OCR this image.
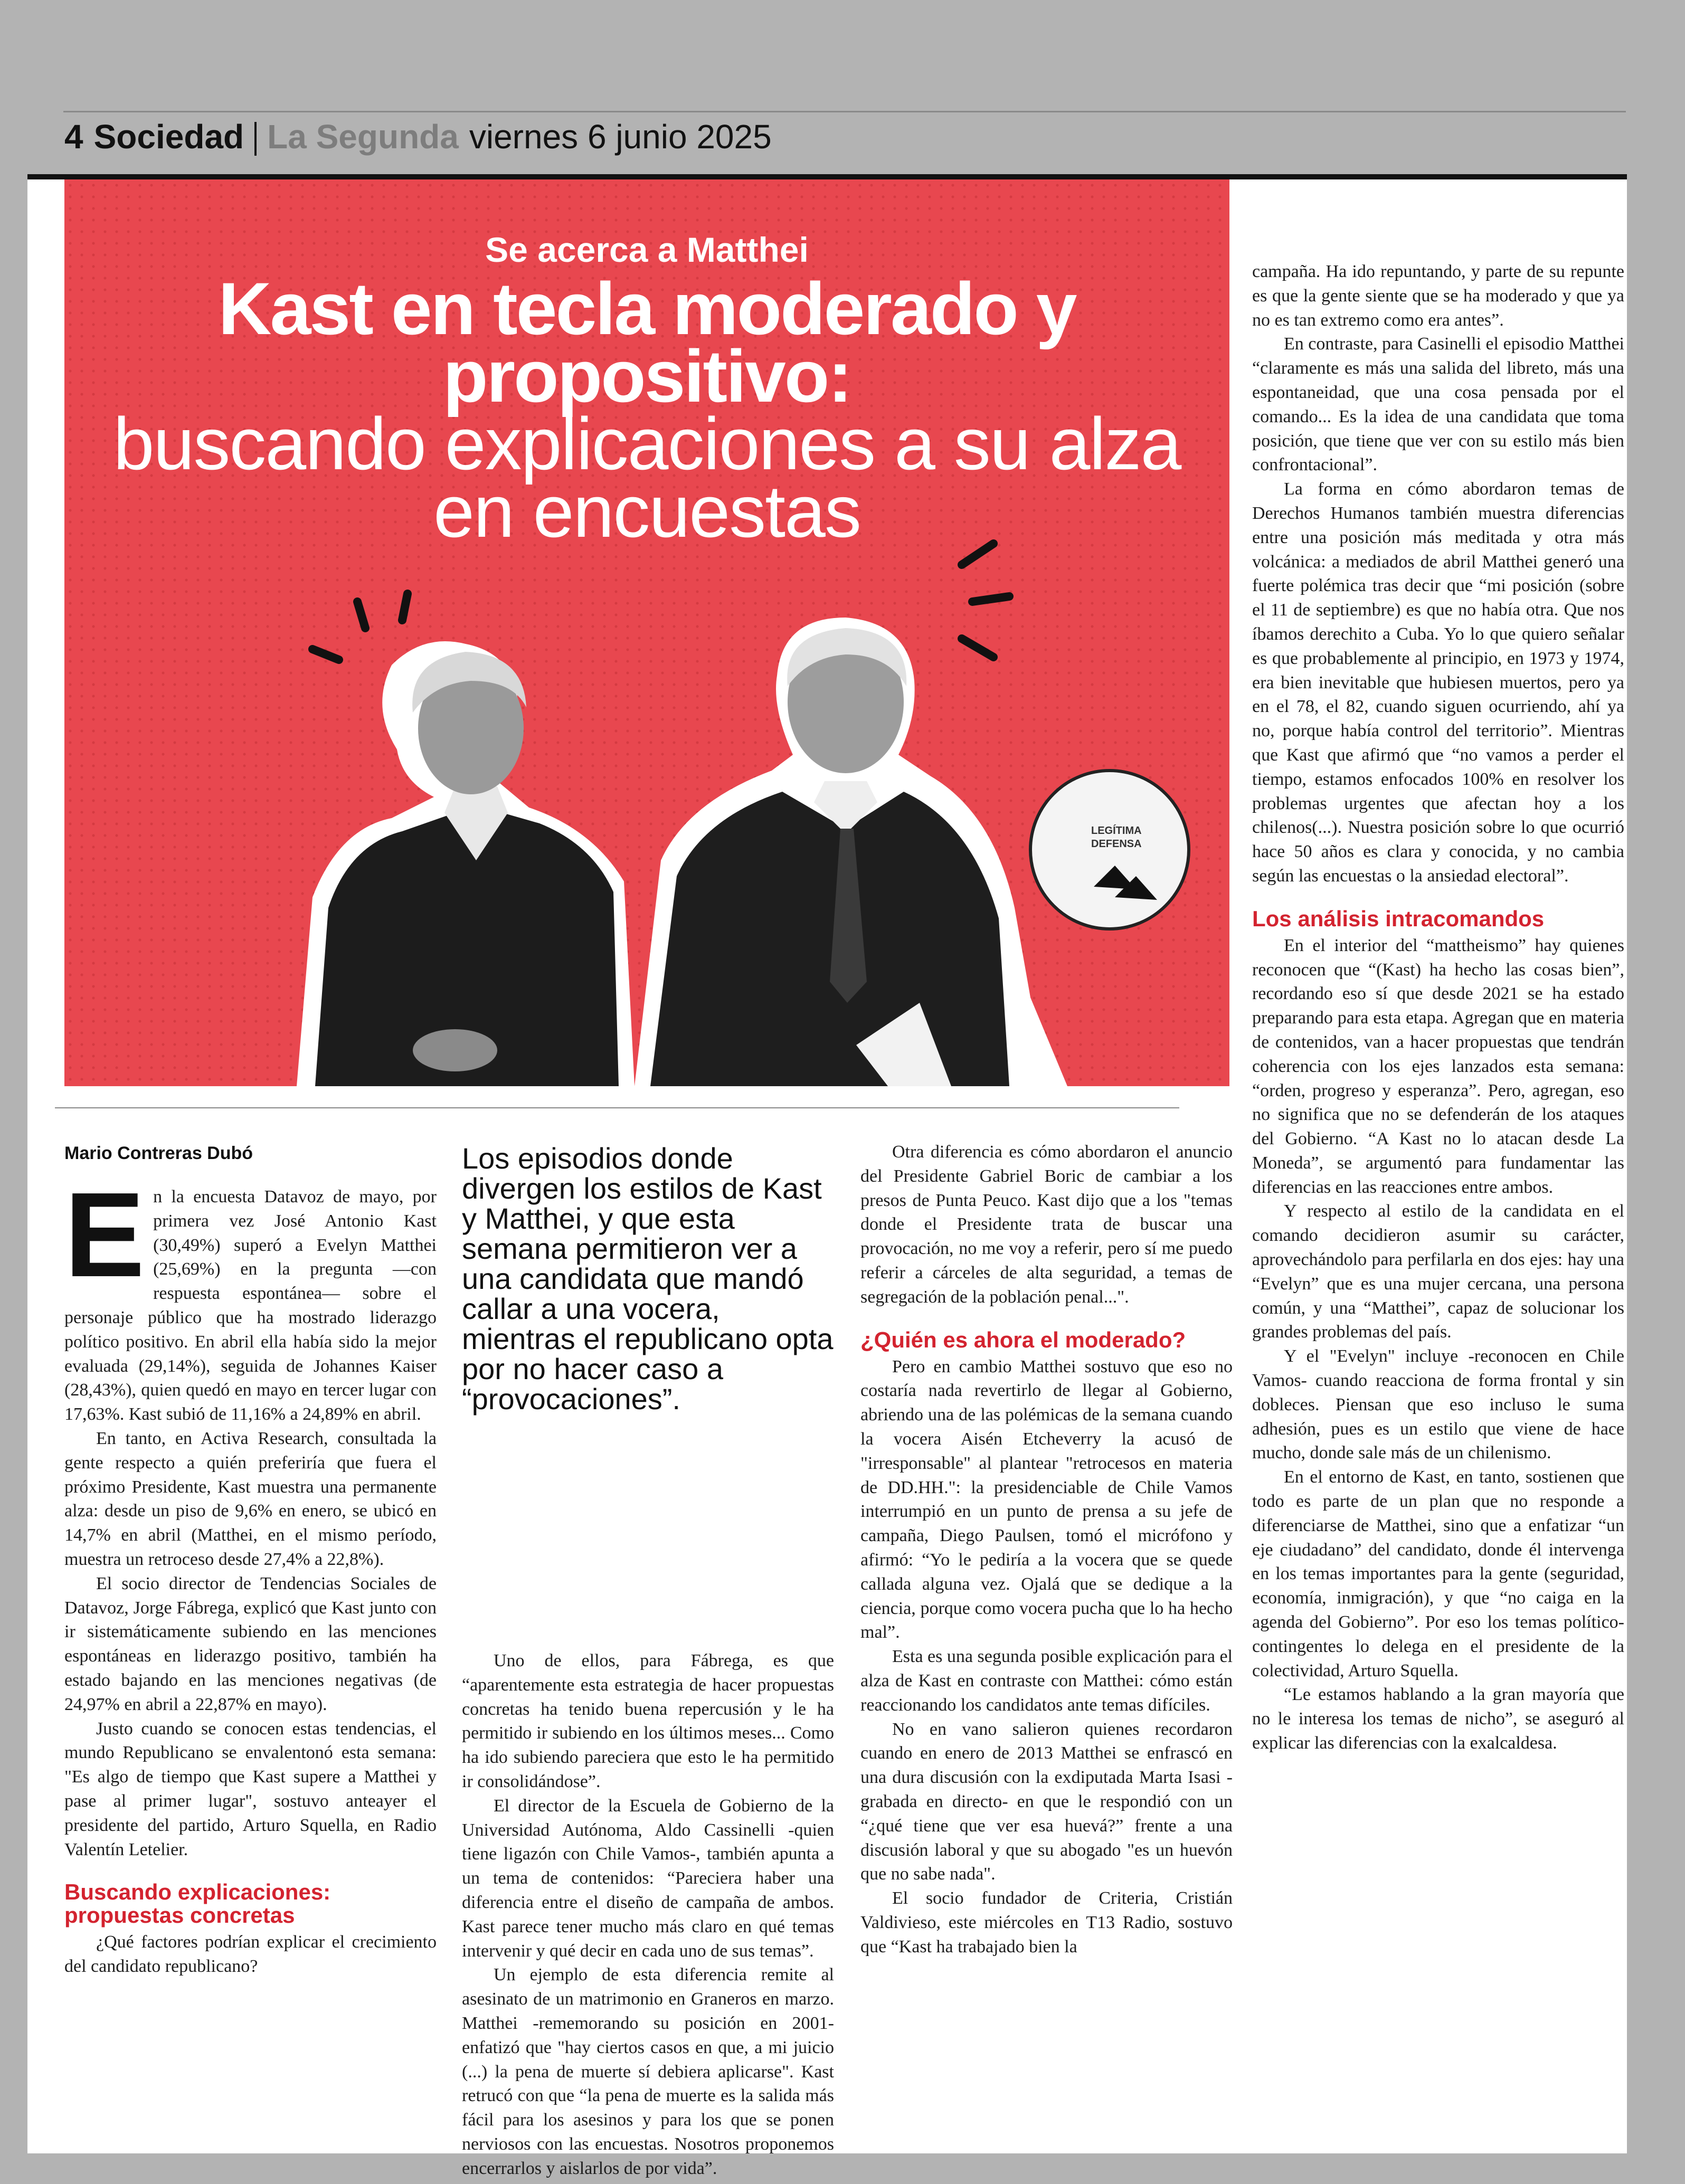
4 Sociedad La Segunda viernes 6 junio 2025
LEGÍTIMA
DEFENSA
Se acerca a Matthei
Kast en tecla moderado y propositivo:
buscando explicaciones a su alza en encuestas
Mario Contreras Dubó	Los episodios donde divergen los estilos de Kast y Matthei, y que esta semana permitieron ver a una candidata que mandó callar a una vocera, mientras el republicano opta por no hacer caso a “provocaciones”.

En la encuesta Datavoz de mayo, por primera vez José Antonio Kast (30,49%) superó a Evelyn Matthei (25,69%) en la pregunta —con respuesta espontánea— sobre el personaje público que ha mostrado liderazgo político positivo. En abril ella había sido la mejor evaluada (29,14%), seguida de Johannes Kaiser (28,43%), quien quedó en mayo en tercer lugar con 17,63%. Kast subió de 11,16% a 24,89% en abril.

En tanto, en Activa Research, consultada la gente respecto a quién preferiría que fuera el próximo Presidente, Kast muestra una permanente alza: desde un piso de 9,6% en enero, se ubicó en 14,7% en abril (Matthei, en el mismo período, muestra un retroceso desde 27,4% a 22,8%).

El socio director de Tendencias Sociales de Datavoz, Jorge Fábrega, explicó que Kast junto con ir sistemáticamente subiendo en las menciones espontáneas en liderazgo positivo, también ha estado bajando en las menciones negativas (de 24,97% en abril a 22,87% en mayo).

Justo cuando se conocen estas tendencias, el mundo Republicano se envalentonó esta semana: "Es algo de tiempo que Kast supere a Matthei y pase al primer lugar", sostuvo anteayer el presidente del partido, Arturo Squella, en Radio Valentín Letelier.

Buscando explicaciones: propuestas concretas

¿Qué factores podrían explicar el crecimiento del candidato republicano?

Uno de ellos, para Fábrega, es que “aparentemente esta estrategia de hacer propuestas concretas ha tenido buena repercusión y le ha permitido ir subiendo en los últimos meses... Como ha ido subiendo pareciera que esto le ha permitido ir consolidándose”.

El director de la Escuela de Gobierno de la Universidad Autónoma, Aldo Cassinelli -quien tiene ligazón con Chile Vamos-, también apunta a un tema de contenidos: “Pareciera haber una diferencia entre el diseño de campaña de ambos. Kast parece tener mucho más claro en qué temas intervenir y qué decir en cada uno de sus temas”.

Un ejemplo de esta diferencia remite al asesinato de un matrimonio en Graneros en marzo. Matthei -rememorando su posición en 2001- enfatizó que "hay ciertos casos en que, a mi juicio (...) la pena de muerte sí debiera aplicarse". Kast retrucó con que “la pena de muerte es la salida más fácil para los asesinos y para los que se ponen nerviosos con las encuestas. Nosotros proponemos encerrarlos y aislarlos de por vida”.

Otra diferencia es cómo abordaron el anuncio del Presidente Gabriel Boric de cambiar a los presos de Punta Peuco. Kast dijo que a los "temas donde el Presidente trata de buscar una provocación, no me voy a referir, pero sí me puedo referir a cárceles de alta seguridad, a temas de segregación de la población penal...".

¿Quién es ahora el moderado?

Pero en cambio Matthei sostuvo que eso no costaría nada revertirlo de llegar al Gobierno, abriendo una de las polémicas de la semana cuando la vocera Aisén Etcheverry la acusó de "irresponsable" al plantear "retrocesos en materia de DD.HH.": la presidenciable de Chile Vamos interrumpió en un punto de prensa a su jefe de campaña, Diego Paulsen, tomó el micrófono y afirmó: “Yo le pediría a la vocera que se quede callada alguna vez. Ojalá que se dedique a la ciencia, porque como vocera pucha que lo ha hecho mal”.

Esta es una segunda posible explicación para el alza de Kast en contraste con Matthei: cómo están reaccionando los candidatos ante temas difíciles.

No en vano salieron quienes recordaron cuando en enero de 2013 Matthei se enfrascó en una dura discusión con la exdiputada Marta Isasi -grabada en directo- en que le respondió con un “¿qué tiene que ver esa huevá?” frente a una discusión laboral y que su abogado "es un huevón que no sabe nada".

El socio fundador de Criteria, Cristián Valdivieso, este miércoles en T13 Radio, sostuvo que “Kast ha trabajado bien la

campaña. Ha ido repuntando, y parte de su repunte es que la gente siente que se ha moderado y que ya no es tan extremo como era antes”.

En contraste, para Casinelli el episodio Matthei “claramente es más una salida del libreto, más una espontaneidad, que una cosa pensada por el comando... Es la idea de una candidata que toma posición, que tiene que ver con su estilo más bien confrontacional”.

La forma en cómo abordaron temas de Derechos Humanos también muestra diferencias entre una posición más meditada y otra más volcánica: a mediados de abril Matthei generó una fuerte polémica tras decir que “mi posición (sobre el 11 de septiembre) es que no había otra. Que nos íbamos derechito a Cuba. Yo lo que quiero señalar es que probablemente al principio, en 1973 y 1974, era bien inevitable que hubiesen muertos, pero ya en el 78, el 82, cuando siguen ocurriendo, ahí ya no, porque había control del territorio”. Mientras que Kast que afirmó que “no vamos a perder el tiempo, estamos enfocados 100% en resolver los problemas urgentes que afectan hoy a los chilenos(...). Nuestra posición sobre lo que ocurrió hace 50 años es clara y conocida, y no cambia según las encuestas o la ansiedad electoral”.

Los análisis intracomandos

En el interior del “mattheismo” hay quienes reconocen que “(Kast) ha hecho las cosas bien”, recordando eso sí que desde 2021 se ha estado preparando para esta etapa. Agregan que en materia de contenidos, van a hacer propuestas que tendrán coherencia con los ejes lanzados esta semana: “orden, progreso y esperanza”. Pero, agregan, eso no significa que no se defenderán de los ataques del Gobierno. “A Kast no lo atacan desde La Moneda”, se argumentó para fundamentar las diferencias en las reacciones entre ambos.

Y respecto al estilo de la candidata en el comando decidieron asumir su carácter, aprovechándolo para perfilarla en dos ejes: hay una “Evelyn” que es una mujer cercana, una persona común, y una “Matthei”, capaz de solucionar los grandes problemas del país.

Y el "Evelyn" incluye -reconocen en Chile Vamos- cuando reacciona de forma frontal y sin dobleces. Piensan que eso incluso le suma adhesión, pues es un estilo que viene de hace mucho, donde sale más de un chilenismo.

En el entorno de Kast, en tanto, sostienen que todo es parte de un plan que no responde a diferenciarse de Matthei, sino que a enfatizar “un eje ciudadano” del candidato, donde él intervenga en los temas importantes para la gente (seguridad, economía, inmigración), y que “no caiga en la agenda del Gobierno”. Por eso los temas político-contingentes lo delega en el presidente de la colectividad, Arturo Squella.

“Le estamos hablando a la gran mayoría que no le interesa los temas de nicho”, se aseguró al explicar las diferencias con la exalcaldesa.
